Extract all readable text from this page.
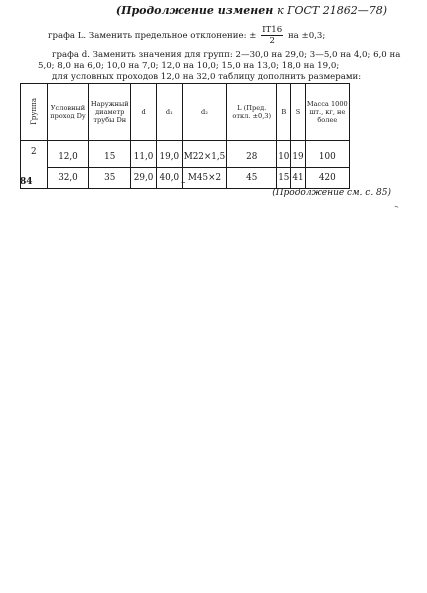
(Продолжение изменен к ГОСТ 21862—78)
графа L. Заменить предельное отклонение: ± $\frac{IT16}{2}$ на ±0,3;
графа d. Заменить значения для групп: 2—30,0 на 29,0; 3—5,0 на 4,0; 6,0 на
5,0; 8,0 на 6,0; 10,0 на 7,0; 12,0 на 10,0; 15,0 на 13,0; 18,0 на 19,0;
для условных проходов 12,0 на 32,0 таблицу дополнить размерами:
Группа	Условный проход Dу	Наружный диаметр трубы Dн	d	d₁	d₂	L (Пред. откл. ±0,3)	B	S	Масса 1000 шт., кг, не более
2	12,0	15	11,0	19,0	M22×1,5	28	10	19	100
	32,0	35	29,0	40,0	M45×2	45	15	41	420
84	–
(Продолжение см. с. 85)
–
